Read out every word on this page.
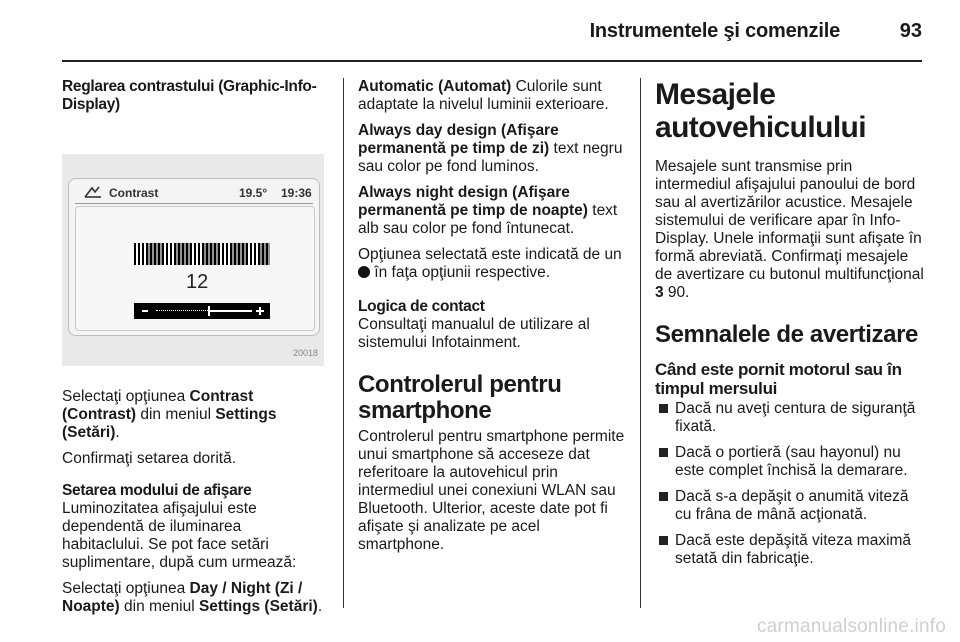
Instrumentele şi comenzile	93
Reglarea contrastului (Graphic-Info-Display)
Contrast	19.5° 19:36
12
20018

Selectaţi opţiunea Contrast (Contrast) din meniul Settings (Setări).

Confirmaţi setarea dorită.

Setarea modului de afişare

Luminozitatea afişajului este dependentă de iluminarea habitaclului. Se pot face setări suplimentare, după cum urmează:

Selectaţi opţiunea Day / Night (Zi / Noapte) din meniul Settings (Setări).

Automatic (Automat) Culorile sunt adaptate la nivelul luminii exterioare.

Always day design (Afişare permanentă pe timp de zi) text negru sau color pe fond luminos.

Always night design (Afişare permanentă pe timp de noapte) text alb sau color pe fond întunecat.

Opţiunea selectată este indicată de un  în faţa opţiunii respective.

Logica de contact

Consultaţi manualul de utilizare al sistemului Infotainment.

Controlerul pentru smartphone

Controlerul pentru smartphone permite unui smartphone să acceseze dat referitoare la autovehicul prin intermediul unei conexiuni WLAN sau Bluetooth. Ulterior, aceste date pot fi afişate şi analizate pe acel smartphone.

Mesajele autovehiculului

Mesajele sunt transmise prin intermediul afişajului panoului de bord sau al avertizărilor acustice. Mesajele sistemului de verificare apar în Info-Display. Unele informaţii sunt afişate în formă abreviată. Confirmaţi mesajele de avertizare cu butonul multifuncţional 3 90.

Semnalele de avertizare
Când este pornit motorul sau în timpul mersului
Dacă nu aveţi centura de siguranţă fixată.
Dacă o portieră (sau hayonul) nu este complet închisă la demarare.
Dacă s-a depăşit o anumită viteză cu frâna de mână acţionată.
Dacă este depăşită viteza maximă setată din fabricaţie.
carmanualsonline.info
